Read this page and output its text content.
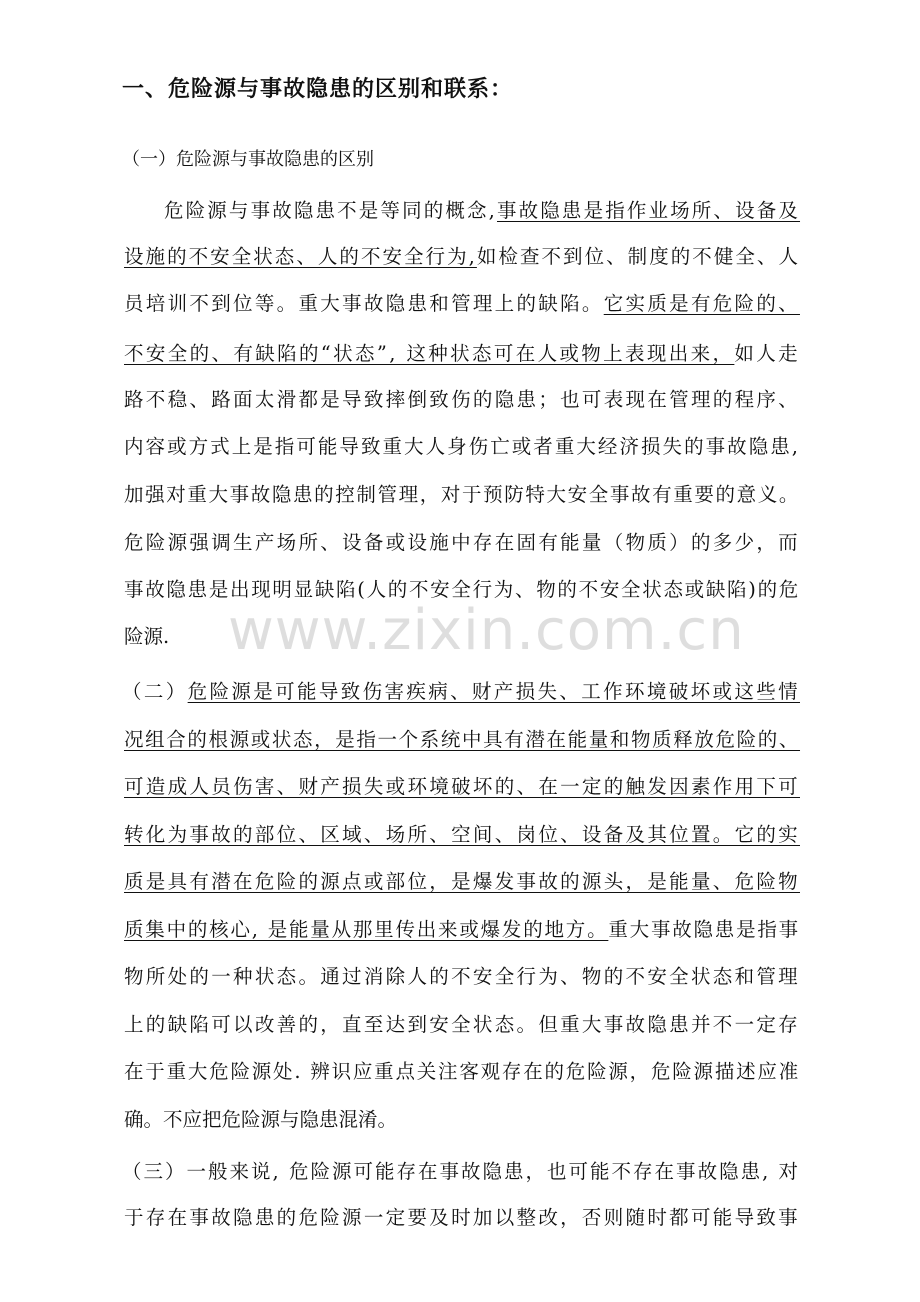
一、危险源与事故隐患的区别和联系：

（一）危险源与事故隐患的区别

危险源与事故隐患不是等同的概念,事故隐患是指作业场所、设备及

设施的不安全状态、人的不安全行为,如检查不到位、制度的不健全、人

员培训不到位等。重大事故隐患和管理上的缺陷。它实质是有危险的、

不安全的、有缺陷的“状态”, 这种状态可在人或物上表现出来，如人走

路不稳、路面太滑都是导致摔倒致伤的隐患；也可表现在管理的程序、

内容或方式上是指可能导致重大人身伤亡或者重大经济损失的事故隐患,

加强对重大事故隐患的控制管理，对于预防特大安全事故有重要的意义。

危险源强调生产场所、设备或设施中存在固有能量（物质）的多少，而

事故隐患是出现明显缺陷(人的不安全行为、物的不安全状态或缺陷)的危

险源.

（二）危险源是可能导致伤害疾病、财产损失、工作环境破坏或这些情

况组合的根源或状态，是指一个系统中具有潜在能量和物质释放危险的、

可造成人员伤害、财产损失或环境破坏的、在一定的触发因素作用下可

转化为事故的部位、区域、场所、空间、岗位、设备及其位置。它的实

质是具有潜在危险的源点或部位，是爆发事故的源头，是能量、危险物

质集中的核心, 是能量从那里传出来或爆发的地方。重大事故隐患是指事

物所处的一种状态。通过消除人的不安全行为、物的不安全状态和管理

上的缺陷可以改善的，直至达到安全状态。但重大事故隐患并不一定存

在于重大危险源处. 辨识应重点关注客观存在的危险源，危险源描述应准

确。不应把危险源与隐患混淆。

（三）一般来说, 危险源可能存在事故隐患，也可能不存在事故隐患, 对

于存在事故隐患的危险源一定要及时加以整改，否则随时都可能导致事

www.zixin.com.cn
